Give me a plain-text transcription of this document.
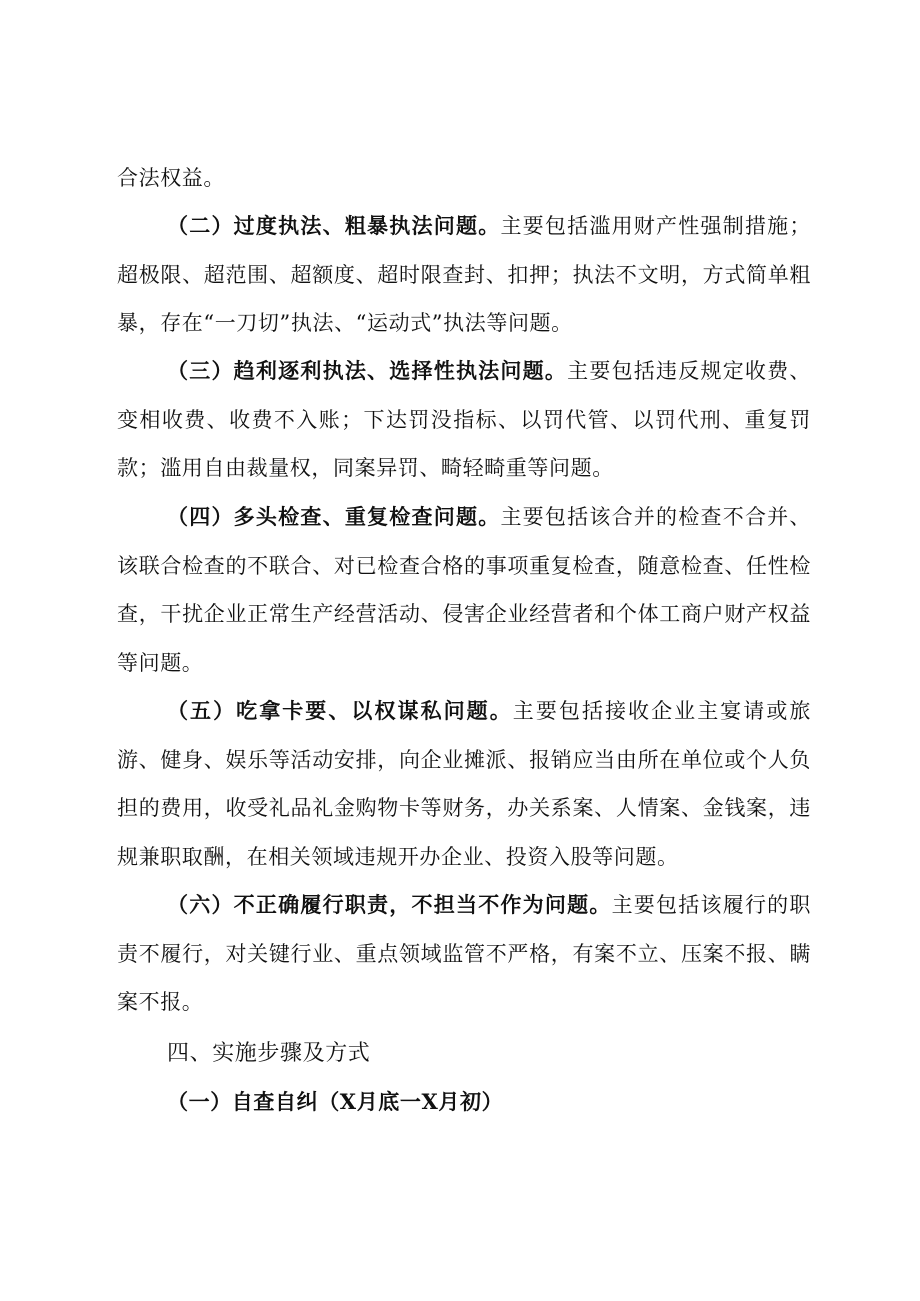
合法权益。

（二）过度执法、粗暴执法问题。主要包括滥用财产性强制措施；超极限、超范围、超额度、超时限查封、扣押；执法不文明，方式简单粗暴，存在“一刀切”执法、“运动式”执法等问题。

（三）趋利逐利执法、选择性执法问题。主要包括违反规定收费、变相收费、收费不入账；下达罚没指标、以罚代管、以罚代刑、重复罚款；滥用自由裁量权，同案异罚、畸轻畸重等问题。

（四）多头检查、重复检查问题。主要包括该合并的检查不合并、该联合检查的不联合、对已检查合格的事项重复检查，随意检查、任性检查，干扰企业正常生产经营活动、侵害企业经营者和个体工商户财产权益等问题。

（五）吃拿卡要、以权谋私问题。主要包括接收企业主宴请或旅游、健身、娱乐等活动安排，向企业摊派、报销应当由所在单位或个人负担的费用，收受礼品礼金购物卡等财务，办关系案、人情案、金钱案，违规兼职取酬，在相关领域违规开办企业、投资入股等问题。

（六）不正确履行职责，不担当不作为问题。主要包括该履行的职责不履行，对关键行业、重点领域监管不严格，有案不立、压案不报、瞒案不报。

四、实施步骤及方式

（一）自查自纠（X月底一X月初）
